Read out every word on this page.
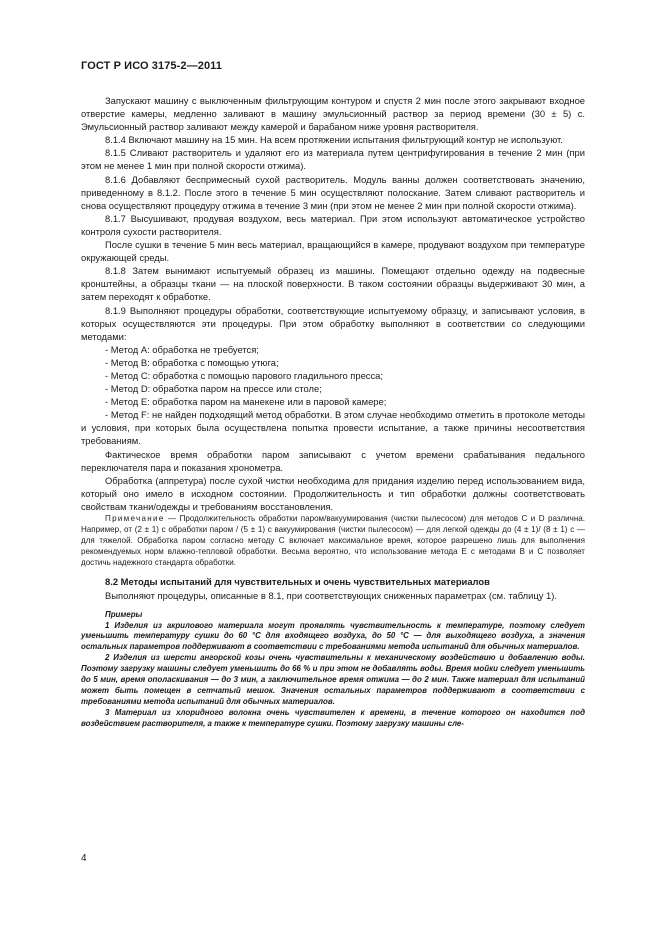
ГОСТ Р ИСО 3175-2—2011

Запускают машину с выключенным фильтрующим контуром и спустя 2 мин после этого закрывают входное отверстие камеры, медленно заливают в машину эмульсионный раствор за период времени (30 ± 5) с. Эмульсионный раствор заливают между камерой и барабаном ниже уровня растворителя.

8.1.4 Включают машину на 15 мин. На всем протяжении испытания фильтрующий контур не используют.

8.1.5 Сливают растворитель и удаляют его из материала путем центрифугирования в течение 2 мин (при этом не менее 1 мин при полной скорости отжима).

8.1.6 Добавляют беспримесный сухой растворитель. Модуль ванны должен соответствовать значению, приведенному в 8.1.2. После этого в течение 5 мин осуществляют полоскание. Затем сливают растворитель и снова осуществляют процедуру отжима в течение 3 мин (при этом не менее 2 мин при полной скорости отжима).

8.1.7 Высушивают, продувая воздухом, весь материал. При этом используют автоматическое устройство контроля сухости растворителя.

После сушки в течение 5 мин весь материал, вращающийся в камере, продувают воздухом при температуре окружающей среды.

8.1.8 Затем вынимают испытуемый образец из машины. Помещают отдельно одежду на подвесные кронштейны, а образцы ткани — на плоской поверхности. В таком состоянии образцы выдерживают 30 мин, а затем переходят к обработке.

8.1.9 Выполняют процедуры обработки, соответствующие испытуемому образцу, и записывают условия, в которых осуществляются эти процедуры. При этом обработку выполняют в соответствии со следующими методами:

- Метод А: обработка не требуется;

- Метод В: обработка с помощью утюга;

- Метод С: обработка с помощью парового гладильного пресса;

- Метод D: обработка паром на прессе или столе;

- Метод Е: обработка паром на манекене или в паровой камере;

- Метод F: не найден подходящий метод обработки. В этом случае необходимо отметить в протоколе методы и условия, при которых была осуществлена попытка провести испытание, а также причины несоответствия требованиям.

Фактическое время обработки паром записывают с учетом времени срабатывания педального переключателя пара и показания хронометра.

Обработка (аппретура) после сухой чистки необходима для придания изделию перед использованием вида, который оно имело в исходном состоянии. Продолжительность и тип обработки должны соответствовать свойствам ткани/одежды и требованиям восстановления.

Примечание — Продолжительность обработки паром/вакуумирования (чистки пылесосом) для методов С и D различна. Например, от (2 ± 1) с обработки паром / (5 ± 1) с вакуумирования (чистки пылесосом) — для легкой одежды до (4 ± 1)/ (8 ± 1) с — для тяжелой. Обработка паром согласно методу С включает максимальное время, которое разрешено лишь для выполнения рекомендуемых норм влажно-тепловой обработки. Весьма вероятно, что использование метода Е с методами В и С позволяет достичь надежного стандарта обработки.

8.2 Методы испытаний для чувствительных и очень чувствительных материалов

Выполняют процедуры, описанные в 8.1, при соответствующих сниженных параметрах (см. таблицу 1).

Примеры

1 Изделия из акрилового материала могут проявлять чувствительность к температуре, поэтому следует уменьшить температуру сушки до 60 °С для входящего воздуха, до 50 °С — для выходящего воздуха, а значения остальных параметров поддерживают в соответствии с требованиями метода испытаний для обычных материалов.

2 Изделия из шерсти ангорской козы очень чувствительны к механическому воздействию и добавлению воды. Поэтому загрузку машины следует уменьшить до 66 % и при этом не добавлять воды. Время мойки следует уменьшить до 5 мин, время ополаскивания — до 3 мин, а заключительное время отжима — до 2 мин. Также материал для испытаний может быть помещен в сетчатый мешок. Значения остальных параметров поддерживают в соответствии с требованиями метода испытаний для обычных материалов.

3 Материал из хлоридного волокна очень чувствителен к времени, в течение которого он находится под воздействием растворителя, а также к температуре сушки. Поэтому загрузку машины сле-

4
